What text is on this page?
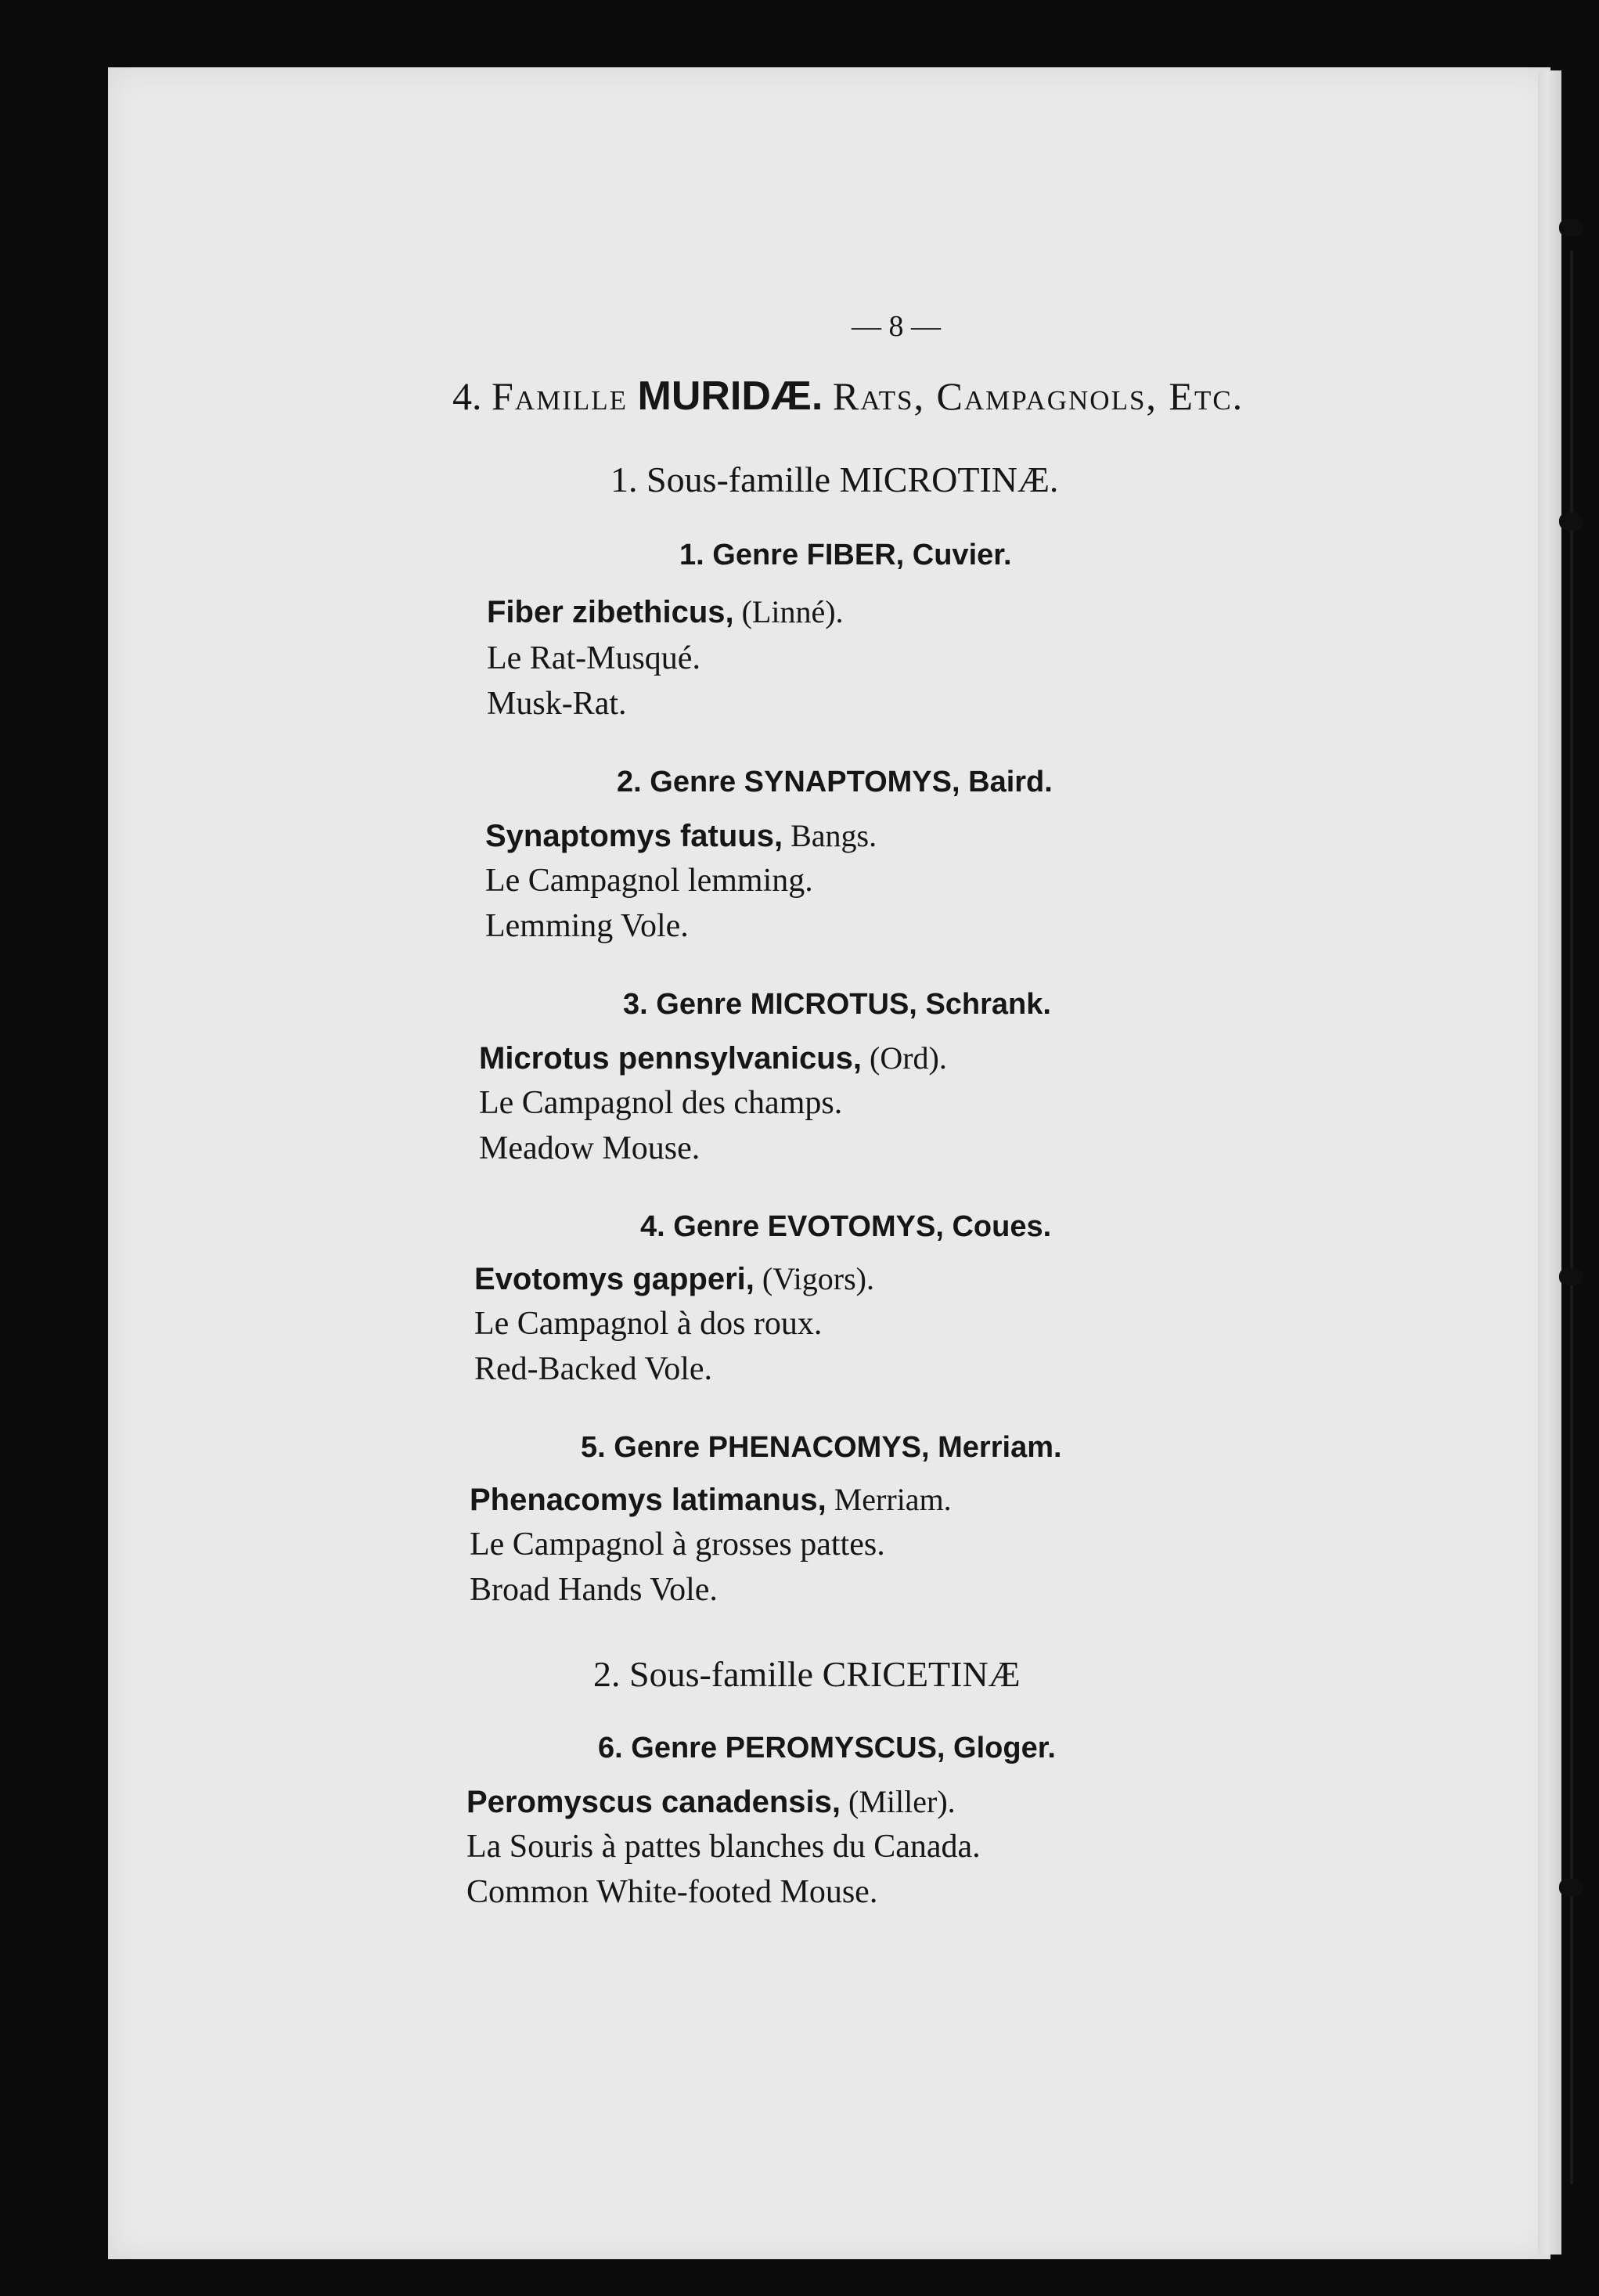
— 8 —
4. Famille MURIDÆ. Rats, Campagnols, Etc.
1. Sous-famille MICROTINÆ.
1. Genre FIBER, Cuvier.
Fiber zibethicus, (Linné).
Le Rat-Musqué.
Musk-Rat.
2. Genre SYNAPTOMYS, Baird.
Synaptomys fatuus, Bangs.
Le Campagnol lemming.
Lemming Vole.
3. Genre MICROTUS, Schrank.
Microtus pennsylvanicus, (Ord).
Le Campagnol des champs.
Meadow Mouse.
4. Genre EVOTOMYS, Coues.
Evotomys gapperi, (Vigors).
Le Campagnol à dos roux.
Red-Backed Vole.
5. Genre PHENACOMYS, Merriam.
Phenacomys latimanus, Merriam.
Le Campagnol à grosses pattes.
Broad Hands Vole.
2. Sous-famille CRICETINÆ
6. Genre PEROMYSCUS, Gloger.
Peromyscus canadensis, (Miller).
La Souris à pattes blanches du Canada.
Common White-footed Mouse.
